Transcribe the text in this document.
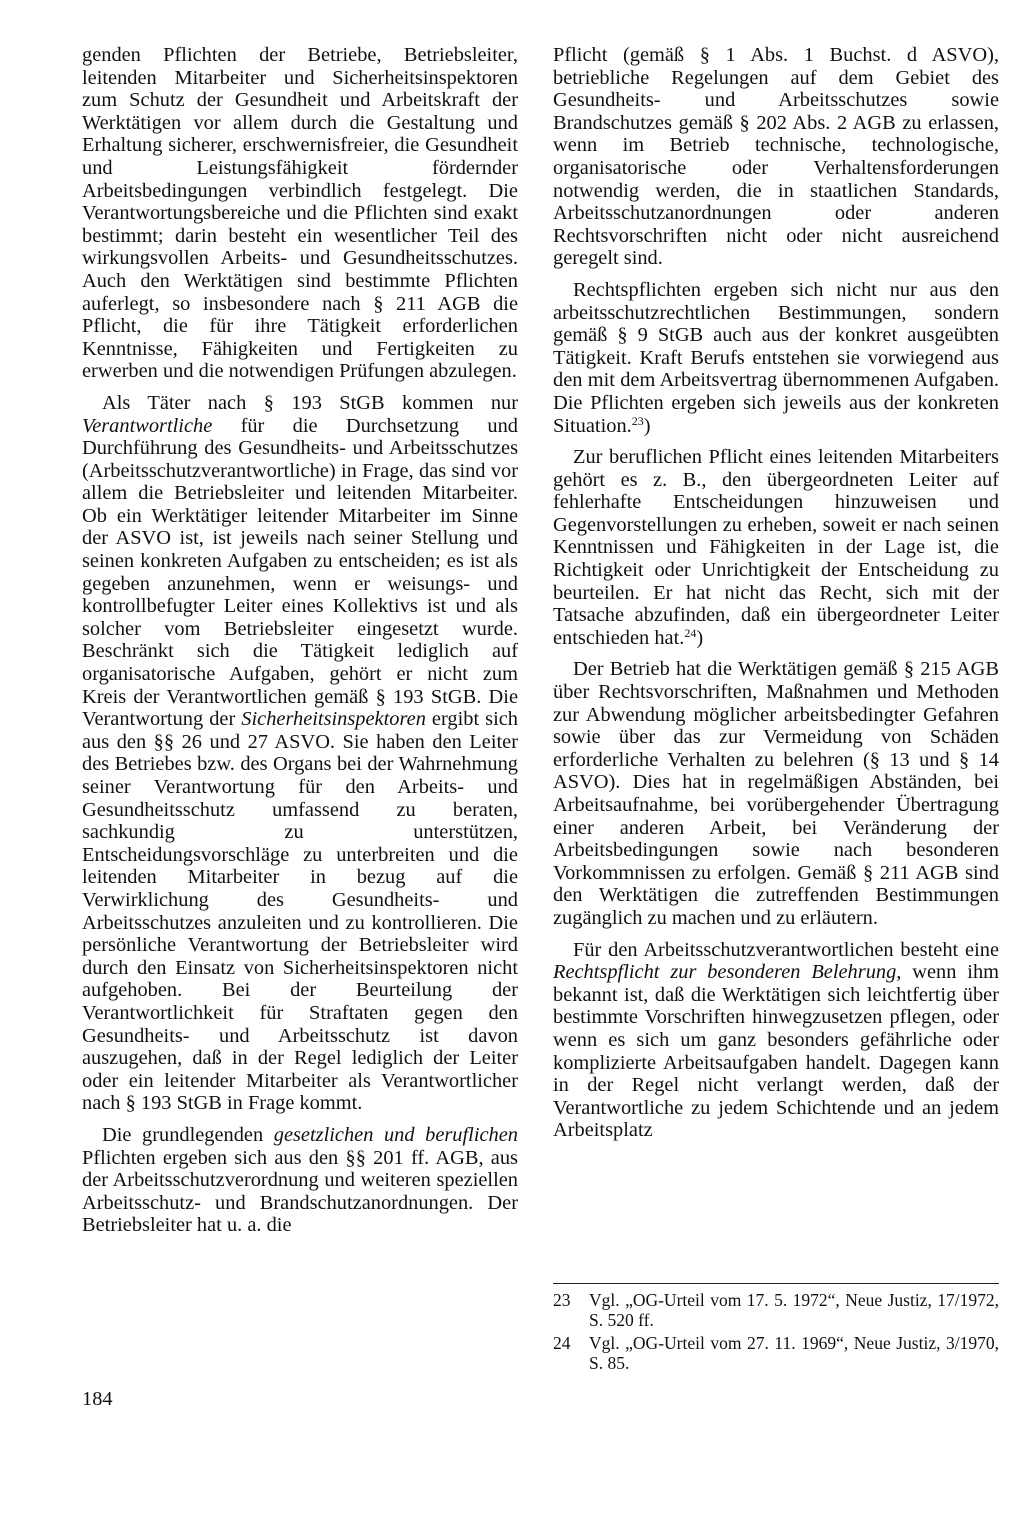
genden Pflichten der Betriebe, Betriebsleiter, leitenden Mitarbeiter und Sicherheitsinspektoren zum Schutz der Gesundheit und Arbeitskraft der Werktätigen vor allem durch die Gestaltung und Erhaltung sicherer, erschwernisfreier, die Gesundheit und Leistungsfähigkeit fördernder Arbeitsbedingungen verbindlich festgelegt. Die Verantwortungsbereiche und die Pflichten sind exakt bestimmt; darin besteht ein wesentlicher Teil des wirkungsvollen Arbeits- und Gesundheitsschutzes. Auch den Werktätigen sind bestimmte Pflichten auferlegt, so insbesondere nach § 211 AGB die Pflicht, die für ihre Tätigkeit erforderlichen Kenntnisse, Fähigkeiten und Fertigkeiten zu erwerben und die notwendigen Prüfungen abzulegen.

Als Täter nach § 193 StGB kommen nur Verantwortliche für die Durchsetzung und Durchführung des Gesundheits- und Arbeitsschutzes (Arbeitsschutzverantwortliche) in Frage, das sind vor allem die Betriebsleiter und leitenden Mitarbeiter. Ob ein Werktätiger leitender Mitarbeiter im Sinne der ASVO ist, ist jeweils nach seiner Stellung und seinen konkreten Aufgaben zu entscheiden; es ist als gegeben anzunehmen, wenn er weisungs- und kontrollbefugter Leiter eines Kollektivs ist und als solcher vom Betriebsleiter eingesetzt wurde. Beschränkt sich die Tätigkeit lediglich auf organisatorische Aufgaben, gehört er nicht zum Kreis der Verantwortlichen gemäß § 193 StGB. Die Verantwortung der Sicherheitsinspektoren ergibt sich aus den §§ 26 und 27 ASVO. Sie haben den Leiter des Betriebes bzw. des Organs bei der Wahrnehmung seiner Verantwortung für den Arbeits- und Gesundheitsschutz umfassend zu beraten, sachkundig zu unterstützen, Entscheidungsvorschläge zu unterbreiten und die leitenden Mitarbeiter in bezug auf die Verwirklichung des Gesundheits- und Arbeitsschutzes anzuleiten und zu kontrollieren. Die persönliche Verantwortung der Betriebsleiter wird durch den Einsatz von Sicherheitsinspektoren nicht aufgehoben. Bei der Beurteilung der Verantwortlichkeit für Straftaten gegen den Gesundheits- und Arbeitsschutz ist davon auszugehen, daß in der Regel lediglich der Leiter oder ein leitender Mitarbeiter als Verantwortlicher nach § 193 StGB in Frage kommt.

Die grundlegenden gesetzlichen und beruflichen Pflichten ergeben sich aus den §§ 201 ff. AGB, aus der Arbeitsschutzverordnung und weiteren speziellen Arbeitsschutz- und Brandschutzanordnungen. Der Betriebsleiter hat u. a. die

Pflicht (gemäß § 1 Abs. 1 Buchst. d ASVO), betriebliche Regelungen auf dem Gebiet des Gesundheits- und Arbeitsschutzes sowie Brandschutzes gemäß § 202 Abs. 2 AGB zu erlassen, wenn im Betrieb technische, technologische, organisatorische oder Verhaltensforderungen notwendig werden, die in staatlichen Standards, Arbeitsschutzanordnungen oder anderen Rechtsvorschriften nicht oder nicht ausreichend geregelt sind.

Rechtspflichten ergeben sich nicht nur aus den arbeitsschutzrechtlichen Bestimmungen, sondern gemäß § 9 StGB auch aus der konkret ausgeübten Tätigkeit. Kraft Berufs entstehen sie vorwiegend aus den mit dem Arbeitsvertrag übernommenen Aufgaben. Die Pflichten ergeben sich jeweils aus der konkreten Situation.$^{23}$)

Zur beruflichen Pflicht eines leitenden Mitarbeiters gehört es z. B., den übergeordneten Leiter auf fehlerhafte Entscheidungen hinzuweisen und Gegenvorstellungen zu erheben, soweit er nach seinen Kenntnissen und Fähigkeiten in der Lage ist, die Richtigkeit oder Unrichtigkeit der Entscheidung zu beurteilen. Er hat nicht das Recht, sich mit der Tatsache abzufinden, daß ein übergeordneter Leiter entschieden hat.$^{24}$)

Der Betrieb hat die Werktätigen gemäß § 215 AGB über Rechtsvorschriften, Maßnahmen und Methoden zur Abwendung möglicher arbeitsbedingter Gefahren sowie über das zur Vermeidung von Schäden erforderliche Verhalten zu belehren (§ 13 und § 14 ASVO). Dies hat in regelmäßigen Abständen, bei Arbeitsaufnahme, bei vorübergehender Übertragung einer anderen Arbeit, bei Veränderung der Arbeitsbedingungen sowie nach besonderen Vorkommnissen zu erfolgen. Gemäß § 211 AGB sind den Werktätigen die zutreffenden Bestimmungen zugänglich zu machen und zu erläutern.

Für den Arbeitsschutzverantwortlichen besteht eine Rechtspflicht zur besonderen Belehrung, wenn ihm bekannt ist, daß die Werktätigen sich leichtfertig über bestimmte Vorschriften hinwegzusetzen pflegen, oder wenn es sich um ganz besonders gefährliche oder komplizierte Arbeitsaufgaben handelt. Dagegen kann in der Regel nicht verlangt werden, daß der Verantwortliche zu jedem Schichtende und an jedem Arbeitsplatz

23	Vgl. „OG-Urteil vom 17. 5. 1972“, Neue Justiz, 17/1972, S. 520 ff.
24	Vgl. „OG-Urteil vom 27. 11. 1969“, Neue Justiz, 3/1970, S. 85.
184
